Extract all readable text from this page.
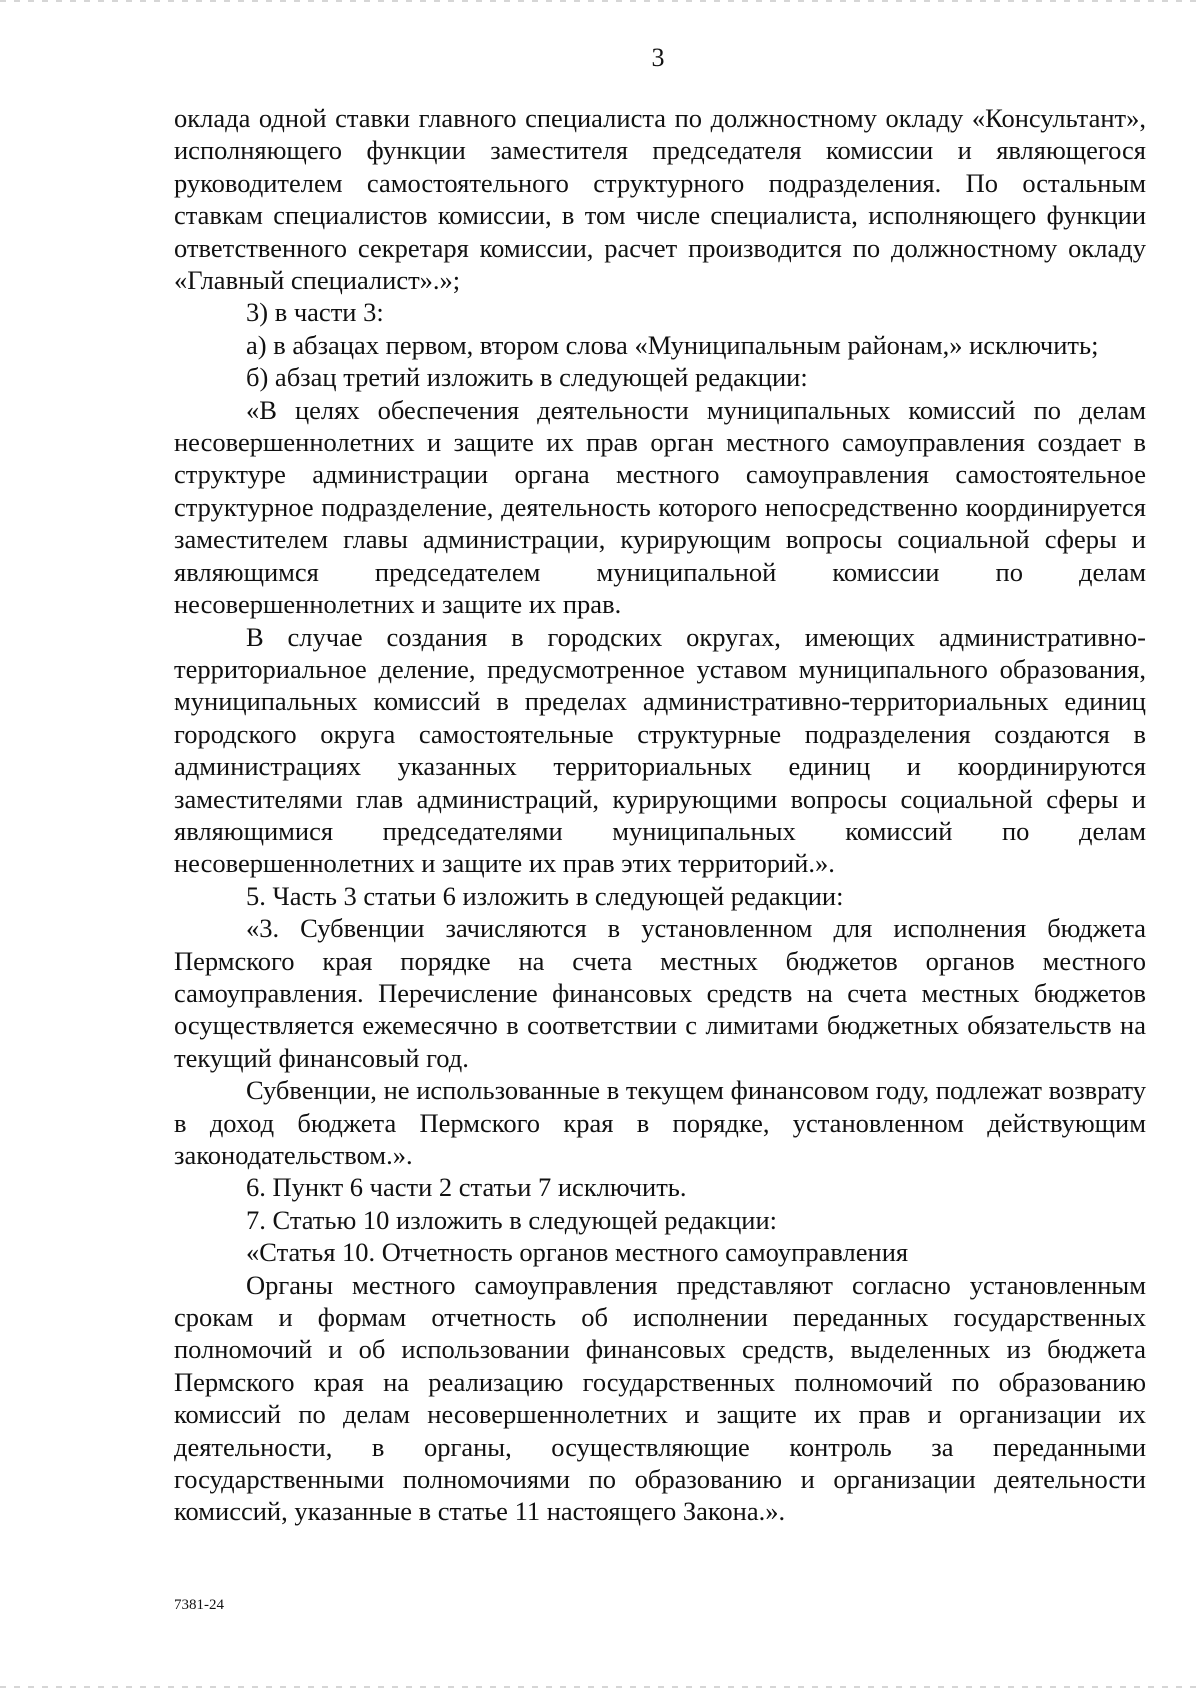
3

оклада одной ставки главного специалиста по должностному окладу «Консультант», исполняющего функции заместителя председателя комиссии и являющегося руководителем самостоятельного структурного подразделения. По остальным ставкам специалистов комиссии, в том числе специалиста, исполняющего функции ответственного секретаря комиссии, расчет производится по должностному окладу «Главный специалист».»;

3) в части 3:

а) в абзацах первом, втором слова «Муниципальным районам,» исключить;

б) абзац третий изложить в следующей редакции:

«В целях обеспечения деятельности муниципальных комиссий по делам несовершеннолетних и защите их прав орган местного самоуправления создает в структуре администрации органа местного самоуправления самостоятельное структурное подразделение, деятельность которого непосредственно координируется заместителем главы администрации, курирующим вопросы социальной сферы и являющимся председателем муниципальной комиссии по делам несовершеннолетних и защите их прав.

В случае создания в городских округах, имеющих административно-территориальное деление, предусмотренное уставом муниципального образования, муниципальных комиссий в пределах административно-территориальных единиц городского округа самостоятельные структурные подразделения создаются в администрациях указанных территориальных единиц и координируются заместителями глав администраций, курирующими вопросы социальной сферы и являющимися председателями муниципальных комиссий по делам несовершеннолетних и защите их прав этих территорий.».

5. Часть 3 статьи 6 изложить в следующей редакции:

«3. Субвенции зачисляются в установленном для исполнения бюджета Пермского края порядке на счета местных бюджетов органов местного самоуправления. Перечисление финансовых средств на счета местных бюджетов осуществляется ежемесячно в соответствии с лимитами бюджетных обязательств на текущий финансовый год.

Субвенции, не использованные в текущем финансовом году, подлежат возврату в доход бюджета Пермского края в порядке, установленном действующим законодательством.».

6. Пункт 6 части 2 статьи 7 исключить.

7. Статью 10 изложить в следующей редакции:

«Статья 10. Отчетность органов местного самоуправления

Органы местного самоуправления представляют согласно установленным срокам и формам отчетность об исполнении переданных государственных полномочий и об использовании финансовых средств, выделенных из бюджета Пермского края на реализацию государственных полномочий по образованию комиссий по делам несовершеннолетних и защите их прав и организации их деятельности, в органы, осуществляющие контроль за переданными государственными полномочиями по образованию и организации деятельности комиссий, указанные в статье 11 настоящего Закона.».

7381-24
